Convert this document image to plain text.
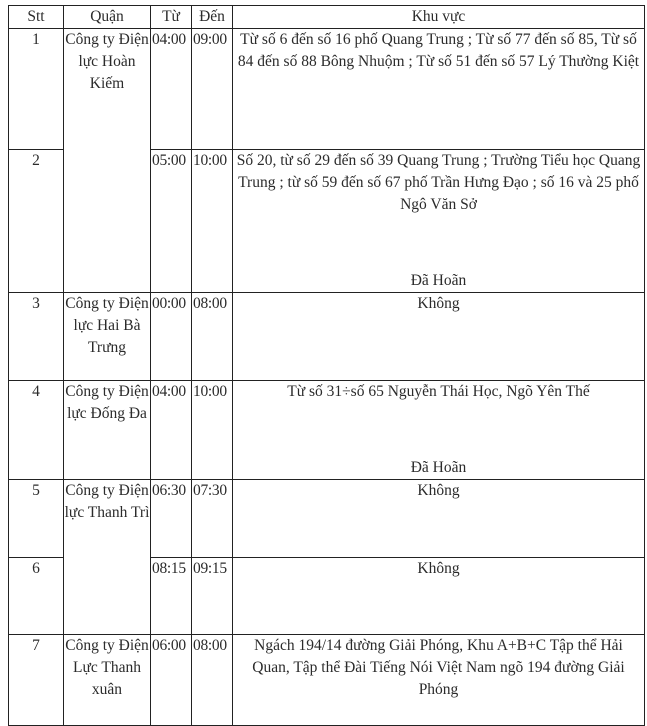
Stt	Quận	Từ	Đến	Khu vực
1	Công ty Điện lực Hoàn Kiếm	04:00	09:00	Từ số 6 đến số 16 phố Quang Trung ; Từ số 77 đến số 85, Từ số 84 đến số 88 Bông Nhuộm ; Từ số 51 đến số 57 Lý Thường Kiệt

2		05:00	10:00	Số 20, từ số 29 đến số 39 Quang Trung ; Trường Tiểu học Quang Trung ; từ số 59 đến số 67 phố Trần Hưng Đạo ; số 16 và 25 phố Ngô Văn Sở
Đã Hoãn

3	Công ty Điện lực Hai Bà Trưng	00:00	08:00	Không

4	Công ty Điện lực Đống Đa	04:00	10:00	Từ số 31÷số 65 Nguyễn Thái Học, Ngõ Yên Thế
Đã Hoãn

5	Công ty Điện lực Thanh Trì	06:30	07:30	Không

6		08:15	09:15	Không

7	Công ty Điện Lực Thanh xuân	06:00	08:00	Ngách 194/14 đường Giải Phóng, Khu A+B+C Tập thể Hải Quan, Tập thể Đài Tiếng Nói Việt Nam ngõ 194 đường Giải Phóng
